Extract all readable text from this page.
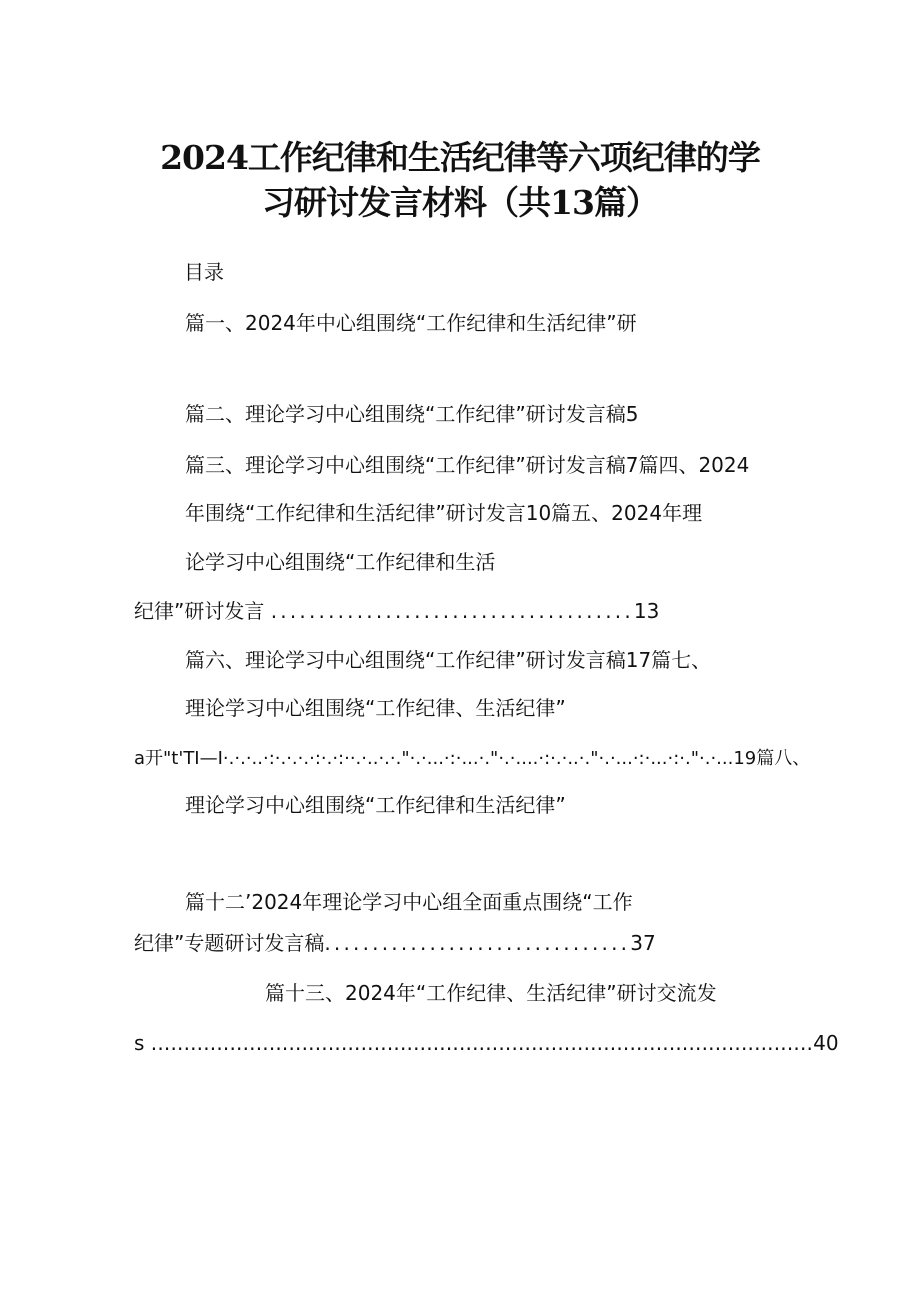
2024工作纪律和生活纪律等六项纪律的学
习研讨发言材料（共13篇）
目录
篇一、2024年中心组围绕“工作纪律和生活纪律”研
篇二、理论学习中心组围绕“工作纪律”研讨发言稿5
篇三、理论学习中心组围绕“工作纪律”研讨发言稿7篇四、2024
年围绕“工作纪律和生活纪律”研讨发言10篇五、2024年理
论学习中心组围绕“工作纪律和生活
纪律”研讨发言 ......................................13
篇六、理论学习中心组围绕“工作纪律”研讨发言稿17篇七、
理论学习中心组围绕“工作纪律、生活纪律”
a开"t'TI—I·.·.·..·:·.·.·.·:·.·:··.·..·.·."·.·...·:·...·."·.·....·:·.·..·."·.·...·:·...·:·."·.·...19篇八、
理论学习中心组围绕“工作纪律和生活纪律”
篇十二’2024年理论学习中心组全面重点围绕“工作
纪律”专题研讨发言稿................................37
篇十三、2024年“工作纪律、生活纪律”研讨交流发
s .....................................................................................................40
